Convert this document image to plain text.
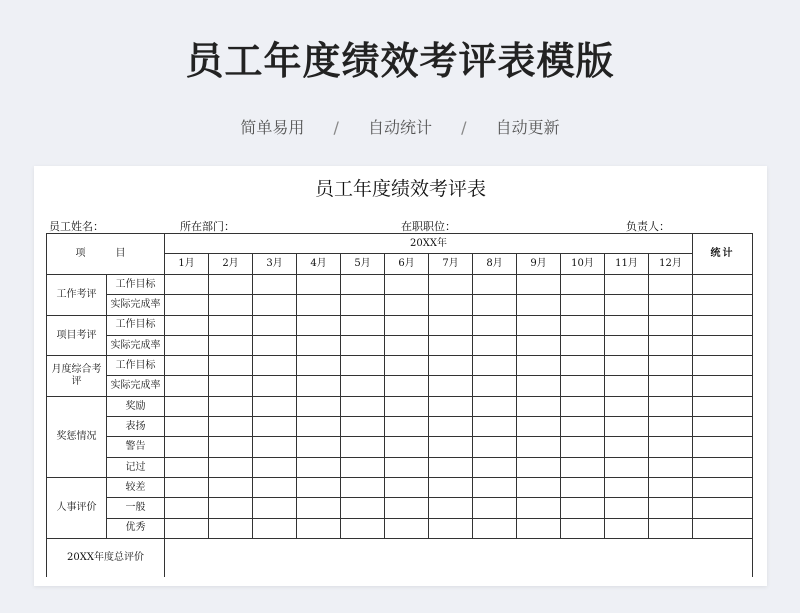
员工年度绩效考评表模版
简单易用 / 自动统计 / 自动更新
员工年度绩效考评表
员工姓名：	所在部门：	在职职位：	负责人：
项　目		20XX年												统计
		1月	2月	3月	4月	5月	6月	7月	8月	9月	10月	11月	12月	
工作考评	工作目标													
	实际完成率													
项目考评	工作目标													
	实际完成率													
月度综合考评	工作目标													
	实际完成率													
奖惩情况	奖励													
	表扬													
	警告													
	记过													
人事评价	较差													
	一般													
	优秀													
20XX年度总评价														
